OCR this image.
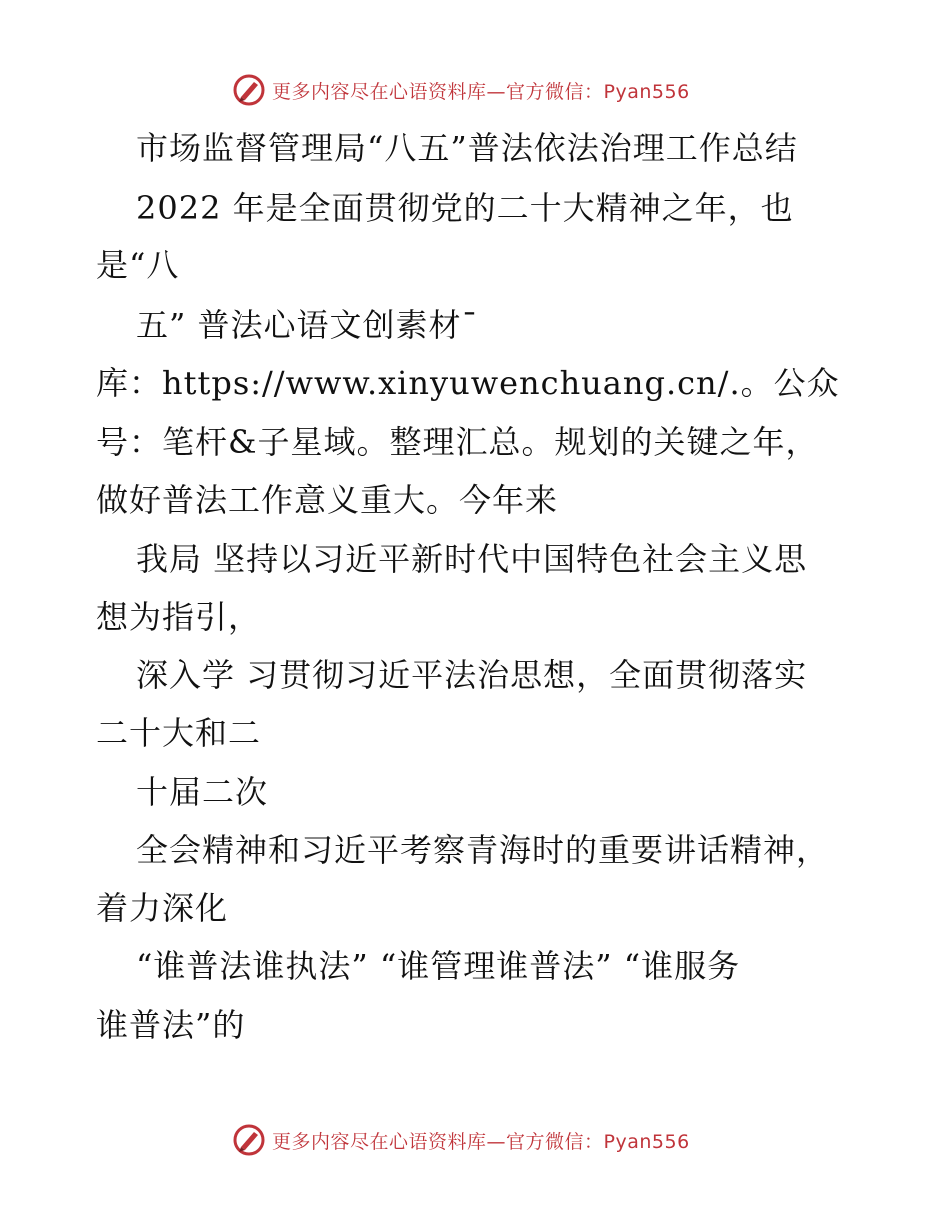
更多内容尽在心语资料库—官方微信：Pyan556
市场监督管理局“八五”普法依法治理工作总结
2022 年是全面贯彻党的二十大精神之年，也
是“八
五” 普法心语文创素材¯
库：https://www.xinyuwenchuang.cn/.。公众
号：笔杆&子星域。整理汇总。规划的关键之年，
做好普法工作意义重大。今年来
我局 坚持以习近平新时代中国特色社会主义思
想为指引，
深入学 习贯彻习近平法治思想，全面贯彻落实
二十大和二
十届二次
全会精神和习近平考察青海时的重要讲话精神，
着力深化
“谁普法谁执法” “谁管理谁普法” “谁服务
谁普法”的
更多内容尽在心语资料库—官方微信：Pyan556
